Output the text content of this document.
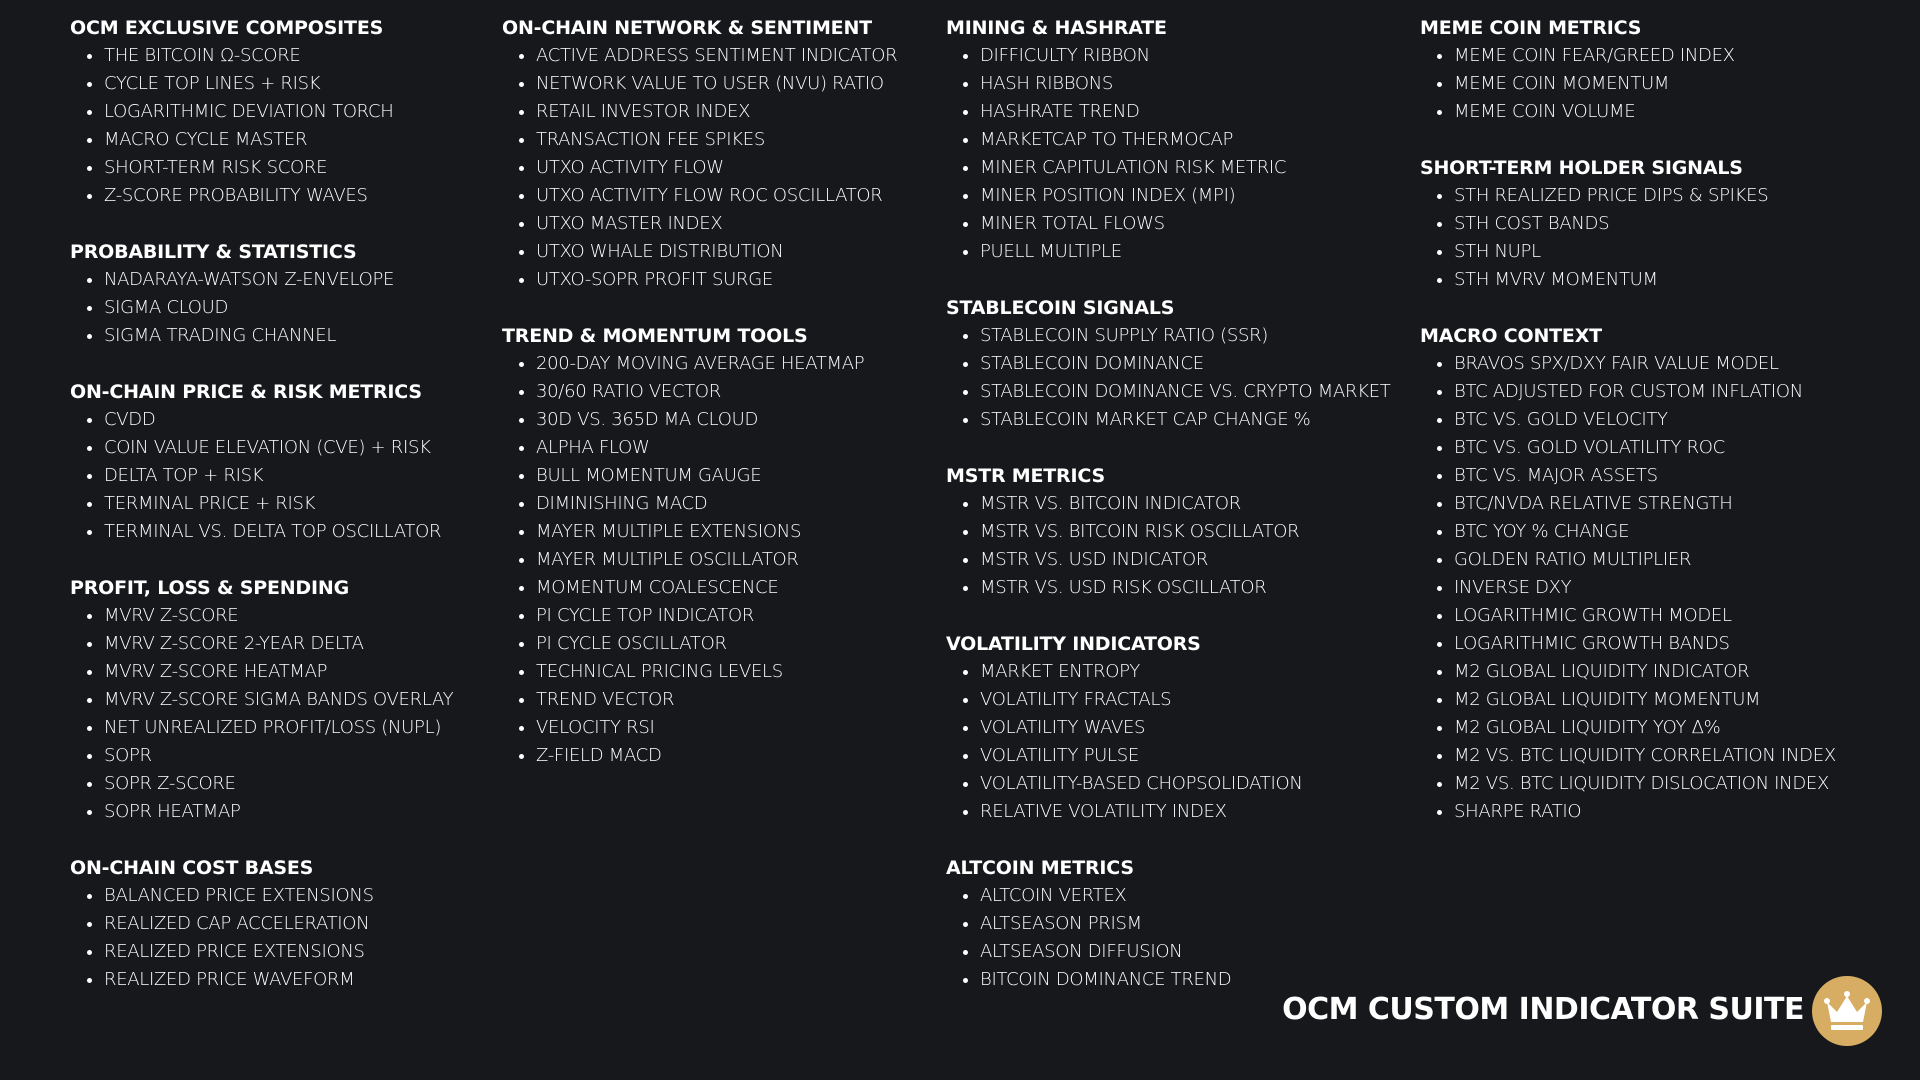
OCM EXCLUSIVE COMPOSITES
• THE BITCOIN Ω-SCORE
• CYCLE TOP LINES + RISK
• LOGARITHMIC DEVIATION TORCH
• MACRO CYCLE MASTER
• SHORT-TERM RISK SCORE
• Z-SCORE PROBABILITY WAVES
PROBABILITY & STATISTICS
• NADARAYA-WATSON Z-ENVELOPE
• SIGMA CLOUD
• SIGMA TRADING CHANNEL
ON-CHAIN PRICE & RISK METRICS
• CVDD
• COIN VALUE ELEVATION (CVE) + RISK
• DELTA TOP + RISK
• TERMINAL PRICE + RISK
• TERMINAL VS. DELTA TOP OSCILLATOR
PROFIT, LOSS & SPENDING
• MVRV Z-SCORE
• MVRV Z-SCORE 2-YEAR DELTA
• MVRV Z-SCORE HEATMAP
• MVRV Z-SCORE SIGMA BANDS OVERLAY
• NET UNREALIZED PROFIT/LOSS (NUPL)
• SOPR
• SOPR Z-SCORE
• SOPR HEATMAP
ON-CHAIN COST BASES
• BALANCED PRICE EXTENSIONS
• REALIZED CAP ACCELERATION
• REALIZED PRICE EXTENSIONS
• REALIZED PRICE WAVEFORM
ON-CHAIN NETWORK & SENTIMENT
• ACTIVE ADDRESS SENTIMENT INDICATOR
• NETWORK VALUE TO USER (NVU) RATIO
• RETAIL INVESTOR INDEX
• TRANSACTION FEE SPIKES
• UTXO ACTIVITY FLOW
• UTXO ACTIVITY FLOW ROC OSCILLATOR
• UTXO MASTER INDEX
• UTXO WHALE DISTRIBUTION
• UTXO-SOPR PROFIT SURGE
TREND & MOMENTUM TOOLS
• 200-DAY MOVING AVERAGE HEATMAP
• 30/60 RATIO VECTOR
• 30D VS. 365D MA CLOUD
• ALPHA FLOW
• BULL MOMENTUM GAUGE
• DIMINISHING MACD
• MAYER MULTIPLE EXTENSIONS
• MAYER MULTIPLE OSCILLATOR
• MOMENTUM COALESCENCE
• PI CYCLE TOP INDICATOR
• PI CYCLE OSCILLATOR
• TECHNICAL PRICING LEVELS
• TREND VECTOR
• VELOCITY RSI
• Z-FIELD MACD
MINING & HASHRATE
• DIFFICULTY RIBBON
• HASH RIBBONS
• HASHRATE TREND
• MARKETCAP TO THERMOCAP
• MINER CAPITULATION RISK METRIC
• MINER POSITION INDEX (MPI)
• MINER TOTAL FLOWS
• PUELL MULTIPLE
STABLECOIN SIGNALS
• STABLECOIN SUPPLY RATIO (SSR)
• STABLECOIN DOMINANCE
• STABLECOIN DOMINANCE VS. CRYPTO MARKET
• STABLECOIN MARKET CAP CHANGE %
MSTR METRICS
• MSTR VS. BITCOIN INDICATOR
• MSTR VS. BITCOIN RISK OSCILLATOR
• MSTR VS. USD INDICATOR
• MSTR VS. USD RISK OSCILLATOR
VOLATILITY INDICATORS
• MARKET ENTROPY
• VOLATILITY FRACTALS
• VOLATILITY WAVES
• VOLATILITY PULSE
• VOLATILITY-BASED CHOPSOLIDATION
• RELATIVE VOLATILITY INDEX
ALTCOIN METRICS
• ALTCOIN VERTEX
• ALTSEASON PRISM
• ALTSEASON DIFFUSION
• BITCOIN DOMINANCE TREND
MEME COIN METRICS
• MEME COIN FEAR/GREED INDEX
• MEME COIN MOMENTUM
• MEME COIN VOLUME
SHORT-TERM HOLDER SIGNALS
• STH REALIZED PRICE DIPS & SPIKES
• STH COST BANDS
• STH NUPL
• STH MVRV MOMENTUM
MACRO CONTEXT
• BRAVOS SPX/DXY FAIR VALUE MODEL
• BTC ADJUSTED FOR CUSTOM INFLATION
• BTC VS. GOLD VELOCITY
• BTC VS. GOLD VOLATILITY ROC
• BTC VS. MAJOR ASSETS
• BTC/NVDA RELATIVE STRENGTH
• BTC YOY % CHANGE
• GOLDEN RATIO MULTIPLIER
• INVERSE DXY
• LOGARITHMIC GROWTH MODEL
• LOGARITHMIC GROWTH BANDS
• M2 GLOBAL LIQUIDITY INDICATOR
• M2 GLOBAL LIQUIDITY MOMENTUM
• M2 GLOBAL LIQUIDITY YOY Δ%
• M2 VS. BTC LIQUIDITY CORRELATION INDEX
• M2 VS. BTC LIQUIDITY DISLOCATION INDEX
• SHARPE RATIO
OCM CUSTOM INDICATOR SUITE
